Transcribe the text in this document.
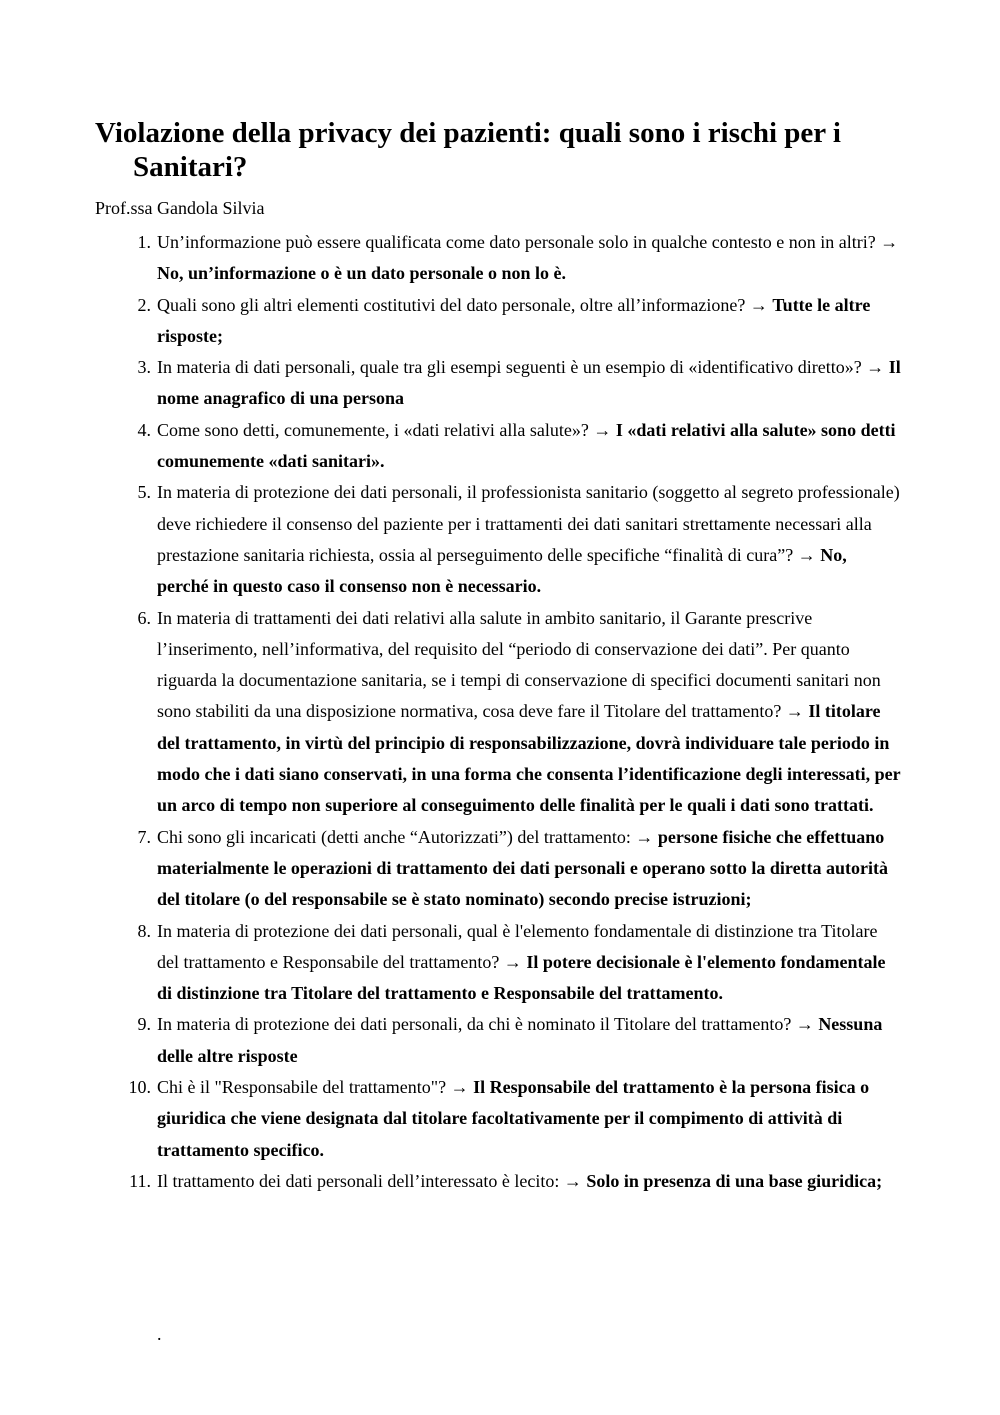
Violazione della privacy dei pazienti: quali sono i rischi per i Sanitari?

Prof.ssa Gandola Silvia

1. Un’informazione può essere qualificata come dato personale solo in qualche contesto e non in altri? → No, un’informazione o è un dato personale o non lo è.
2. Quali sono gli altri elementi costitutivi del dato personale, oltre all’informazione? → Tutte le altre risposte;
3. In materia di dati personali, quale tra gli esempi seguenti è un esempio di «identificativo diretto»? → Il nome anagrafico di una persona
4. Come sono detti, comunemente, i «dati relativi alla salute»? → I «dati relativi alla salute» sono detti comunemente «dati sanitari».
5. In materia di protezione dei dati personali, il professionista sanitario (soggetto al segreto professionale) deve richiedere il consenso del paziente per i trattamenti dei dati sanitari strettamente necessari alla prestazione sanitaria richiesta, ossia al perseguimento delle specifiche “finalità di cura”? → No, perché in questo caso il consenso non è necessario.
6. In materia di trattamenti dei dati relativi alla salute in ambito sanitario, il Garante prescrive l’inserimento, nell’informativa, del requisito del “periodo di conservazione dei dati”. Per quanto riguarda la documentazione sanitaria, se i tempi di conservazione di specifici documenti sanitari non sono stabiliti da una disposizione normativa, cosa deve fare il Titolare del trattamento? → Il titolare del trattamento, in virtù del principio di responsabilizzazione, dovrà individuare tale periodo in modo che i dati siano conservati, in una forma che consenta l’identificazione degli interessati, per un arco di tempo non superiore al conseguimento delle finalità per le quali i dati sono trattati.
7. Chi sono gli incaricati (detti anche “Autorizzati”) del trattamento: → persone fisiche che effettuano materialmente le operazioni di trattamento dei dati personali e operano sotto la diretta autorità del titolare (o del responsabile se è stato nominato) secondo precise istruzioni;
8. In materia di protezione dei dati personali, qual è l'elemento fondamentale di distinzione tra Titolare del trattamento e Responsabile del trattamento? → Il potere decisionale è l'elemento fondamentale di distinzione tra Titolare del trattamento e Responsabile del trattamento.
9. In materia di protezione dei dati personali, da chi è nominato il Titolare del trattamento? → Nessuna delle altre risposte
10. Chi è il "Responsabile del trattamento"? → Il Responsabile del trattamento è la persona fisica o giuridica che viene designata dal titolare facoltativamente per il compimento di attività di trattamento specifico.
11. Il trattamento dei dati personali dell’interessato è lecito: → Solo in presenza di una base giuridica;
.
